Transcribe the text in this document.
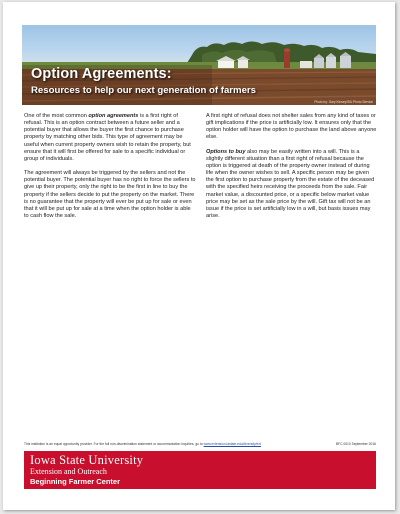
Option Agreements:
Resources to help our next generation of farmers
Photo by: Gary Kinsey/ISU Photo Service

One of the most common option agreements is a first right of refusal. This is an option contract between a future seller and a potential buyer that allows the buyer the first chance to purchase property by matching other bids. This type of agreement may be useful when current property owners wish to retain the property, but ensure that it will first be offered for sale to a specific individual or group of individuals.

The agreement will always be triggered by the sellers and not the potential buyer. The potential buyer has no right to force the sellers to give up their property, only the right to be the first in line to buy the property if the sellers decide to put the property on the market. There is no guarantee that the property will ever be put up for sale or even that it will be put up for sale at a time when the option holder is able to cash flow the sale.

A first right of refusal does not shelter sales from any kind of taxes or gift implications if the price is artificially low. It ensures only that the option holder will have the option to purchase the land above anyone else.

Options to buy also may be easily written into a will. This is a slightly different situation than a first right of refusal because the option is triggered at death of the property owner instead of during life when the owner wishes to sell. A specific person may be given the first option to purchase property from the estate of the deceased with the specified heirs receiving the proceeds from the sale. Fair market value, a discounted price, or a specific below market value price may be set as the sale price by the will. Gift tax will not be an issue if the price is set artificially low in a will, but basis issues may arise.

This institution is an equal opportunity provider. For the full non-discrimination statement or accommodation inquiries, go to www.extension.iastate.edu/diversity/ext	BFC 0010 September 2016
Iowa State University
Extension and Outreach
Beginning Farmer Center
